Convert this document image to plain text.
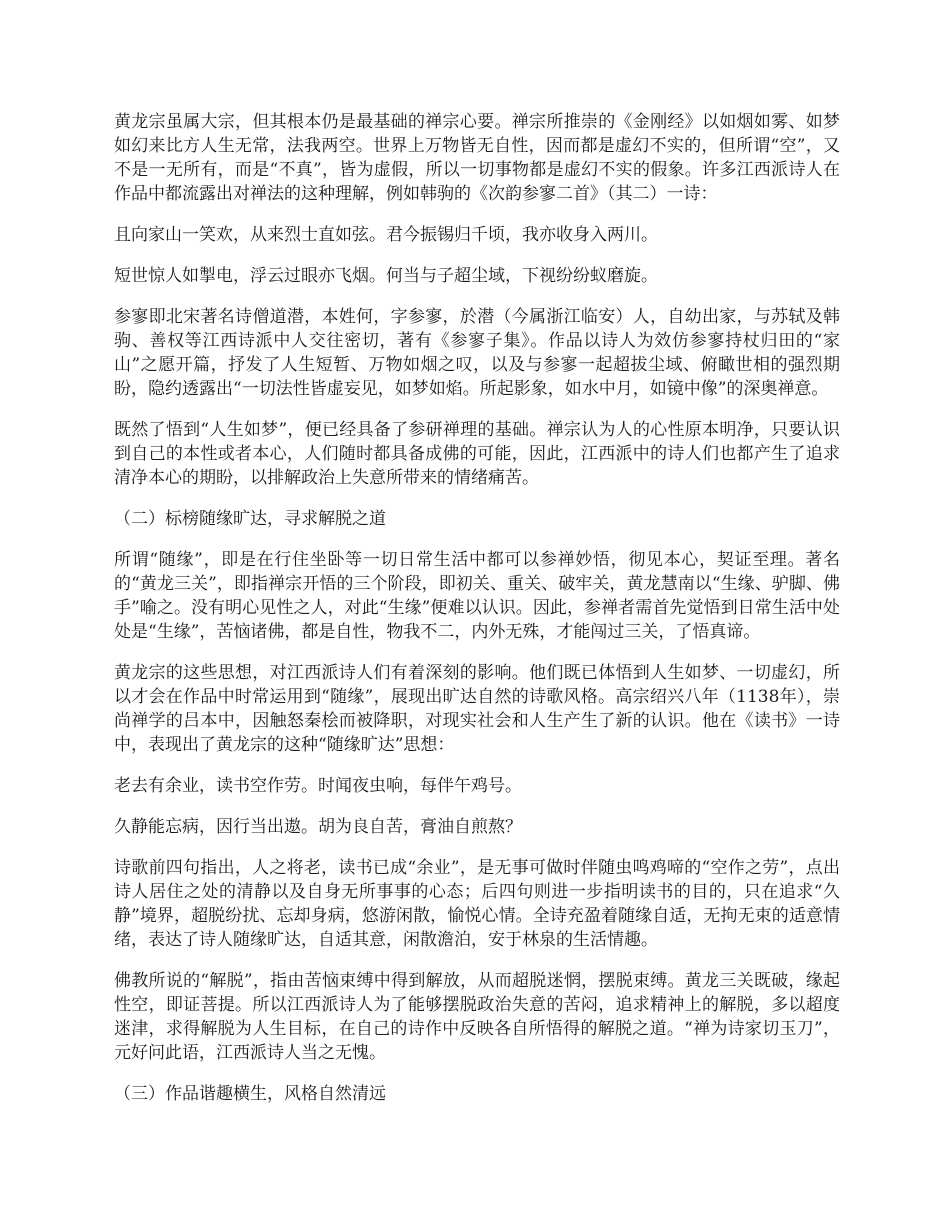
黄龙宗虽属大宗，但其根本仍是最基础的禅宗心要。禅宗所推崇的《金刚经》以如烟如雾、如梦如幻来比方人生无常，法我两空。世界上万物皆无自性，因而都是虚幻不实的，但所谓“空”，又不是一无所有，而是“不真”，皆为虚假，所以一切事物都是虚幻不实的假象。许多江西派诗人在作品中都流露出对禅法的这种理解，例如韩驹的《次韵参寥二首》（其二）一诗：

且向家山一笑欢，从来烈士直如弦。君今振锡归千顷，我亦收身入两川。

短世惊人如掣电，浮云过眼亦飞烟。何当与子超尘域，下视纷纷蚁磨旋。

参寥即北宋著名诗僧道潜，本姓何，字参寥，於潜（今属浙江临安）人，自幼出家，与苏轼及韩驹、善权等江西诗派中人交往密切，著有《参寥子集》。作品以诗人为效仿参寥持杖归田的“家山”之愿开篇，抒发了人生短暂、万物如烟之叹，以及与参寥一起超拔尘域、俯瞰世相的强烈期盼，隐约透露出“一切法性皆虚妄见，如梦如焰。所起影象，如水中月，如镜中像”的深奥禅意。

既然了悟到“人生如梦”，便已经具备了参研禅理的基础。禅宗认为人的心性原本明净，只要认识到自己的本性或者本心，人们随时都具备成佛的可能，因此，江西派中的诗人们也都产生了追求清净本心的期盼，以排解政治上失意所带来的情绪痛苦。

（二）标榜随缘旷达，寻求解脱之道

所谓“随缘”，即是在行住坐卧等一切日常生活中都可以参禅妙悟，彻见本心，契证至理。著名的“黄龙三关”，即指禅宗开悟的三个阶段，即初关、重关、破牢关，黄龙慧南以“生缘、驴脚、佛手”喻之。没有明心见性之人，对此“生缘”便难以认识。因此，参禅者需首先觉悟到日常生活中处处是“生缘”，苦恼诸佛，都是自性，物我不二，内外无殊，才能闯过三关，了悟真谛。

黄龙宗的这些思想，对江西派诗人们有着深刻的影响。他们既已体悟到人生如梦、一切虚幻，所以才会在作品中时常运用到“随缘”，展现出旷达自然的诗歌风格。高宗绍兴八年（1138年），崇尚禅学的吕本中，因触怒秦桧而被降职，对现实社会和人生产生了新的认识。他在《读书》一诗中，表现出了黄龙宗的这种“随缘旷达”思想：

老去有余业，读书空作劳。时闻夜虫响，每伴午鸡号。

久静能忘病，因行当出遨。胡为良自苦，膏油自煎熬？

诗歌前四句指出，人之将老，读书已成“余业”，是无事可做时伴随虫鸣鸡啼的“空作之劳”，点出诗人居住之处的清静以及自身无所事事的心态；后四句则进一步指明读书的目的，只在追求“久静”境界，超脱纷扰、忘却身病，悠游闲散，愉悦心情。全诗充盈着随缘自适，无拘无束的适意情绪，表达了诗人随缘旷达，自适其意，闲散澹泊，安于林泉的生活情趣。

佛教所说的“解脱”，指由苦恼束缚中得到解放，从而超脱迷惘，摆脱束缚。黄龙三关既破，缘起性空，即证菩提。所以江西派诗人为了能够摆脱政治失意的苦闷，追求精神上的解脱，多以超度迷津，求得解脱为人生目标，在自己的诗作中反映各自所悟得的解脱之道。“禅为诗家切玉刀”，元好问此语，江西派诗人当之无愧。

（三）作品谐趣横生，风格自然清远
